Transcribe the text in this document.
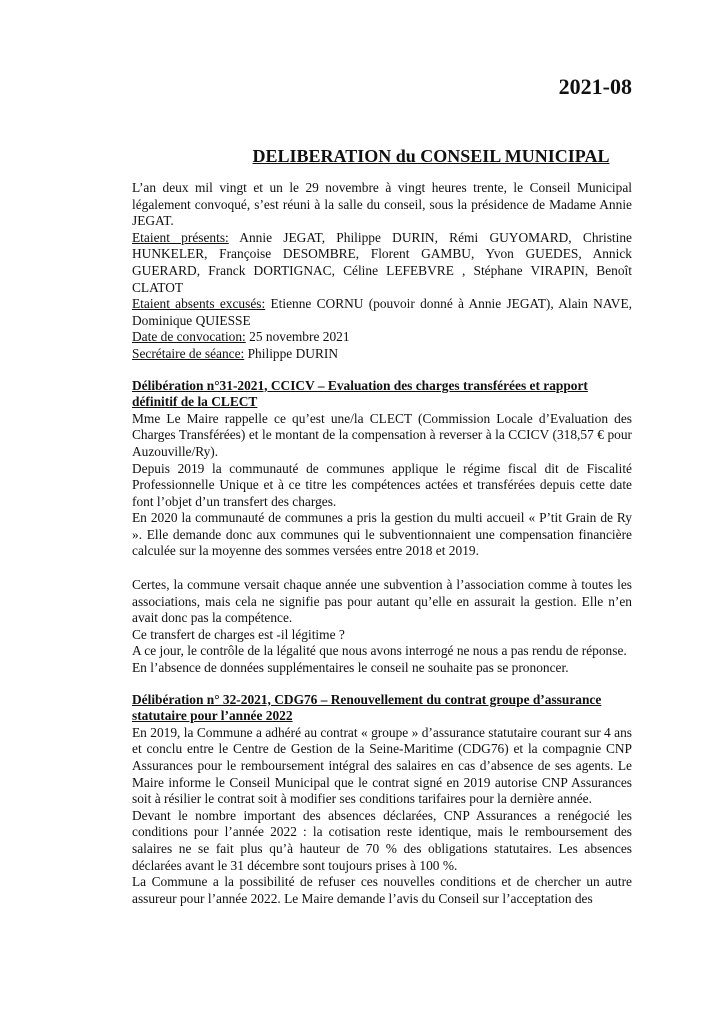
2021-08

DELIBERATION du CONSEIL MUNICIPAL

L’an deux mil vingt et un le 29 novembre à vingt heures trente, le Conseil Municipal légalement convoqué, s’est réuni à la salle du conseil, sous la présidence de Madame Annie JEGAT.

Etaient présents: Annie JEGAT, Philippe DURIN, Rémi GUYOMARD, Christine HUNKELER, Françoise DESOMBRE, Florent GAMBU, Yvon GUEDES, Annick GUERARD, Franck DORTIGNAC, Céline LEFEBVRE , Stéphane VIRAPIN, Benoît CLATOT

Etaient absents excusés: Etienne CORNU (pouvoir donné à Annie JEGAT), Alain NAVE, Dominique QUIESSE

Date de convocation: 25 novembre 2021

Secrétaire de séance: Philippe DURIN

Délibération n°31-2021, CCICV – Evaluation des charges transférées et rapport définitif de la CLECT

Mme Le Maire rappelle ce qu’est une/la CLECT (Commission Locale d’Evaluation des Charges Transférées) et le montant de la compensation à reverser à la CCICV (318,57 € pour Auzouville/Ry).

Depuis 2019 la communauté de communes applique le régime fiscal dit de Fiscalité Professionnelle Unique et à ce titre les compétences actées et transférées depuis cette date font l’objet d’un transfert des charges.

En 2020 la communauté de communes a pris la gestion du multi accueil « P’tit Grain de Ry ». Elle demande donc aux communes qui le subventionnaient une compensation financière calculée sur la moyenne des sommes versées entre 2018 et 2019.

Certes, la commune versait chaque année une subvention à l’association comme à toutes les associations, mais cela ne signifie pas pour autant qu’elle en assurait la gestion. Elle n’en avait donc pas la compétence.

Ce transfert de charges est -il légitime ?

A ce jour, le contrôle de la légalité que nous avons interrogé ne nous a pas rendu de réponse.

En l’absence de données supplémentaires le conseil ne souhaite pas se prononcer.

Délibération n° 32-2021, CDG76 – Renouvellement du contrat groupe d’assurance statutaire pour l’année 2022

En 2019, la Commune a adhéré au contrat « groupe » d’assurance statutaire courant sur 4 ans et conclu entre le Centre de Gestion de la Seine-Maritime (CDG76) et la compagnie CNP Assurances pour le remboursement intégral des salaires en cas d’absence de ses agents. Le Maire informe le Conseil Municipal que le contrat signé en 2019 autorise CNP Assurances soit à résilier le contrat soit à modifier ses conditions tarifaires pour la dernière année.

Devant le nombre important des absences déclarées, CNP Assurances a renégocié les conditions pour l’année 2022 : la cotisation reste identique, mais le remboursement des salaires ne se fait plus qu’à hauteur de 70 % des obligations statutaires. Les absences déclarées avant le 31 décembre sont toujours prises à 100 %.

La Commune a la possibilité de refuser ces nouvelles conditions et de chercher un autre assureur pour l’année 2022. Le Maire demande l’avis du Conseil sur l’acceptation des
